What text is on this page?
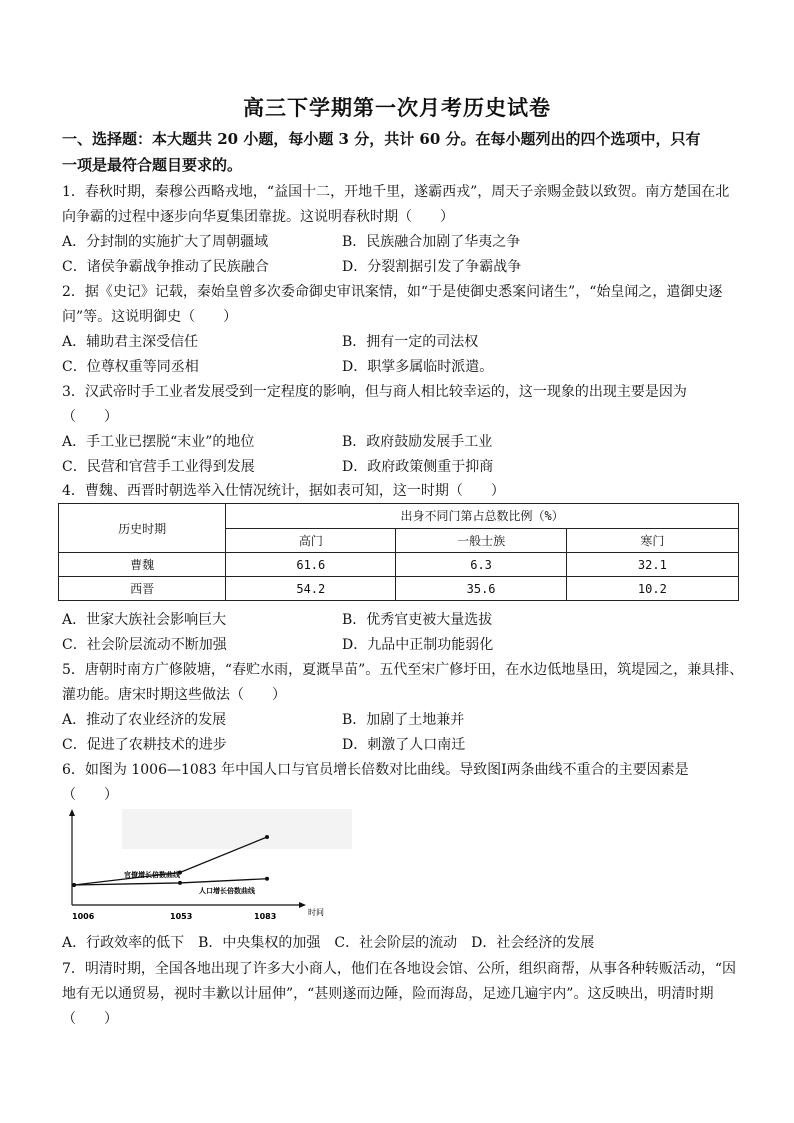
高三下学期第一次月考历史试卷
一、选择题：本大题共 20 小题，每小题 3 分，共计 60 分。在每小题列出的四个选项中，只有
一项是最符合题目要求的。
1．春秋时期，秦穆公西略戎地，“益国十二，开地千里，遂霸西戎”，周天子亲赐金鼓以致贺。南方楚国在北
向争霸的过程中逐步向华夏集团靠拢。这说明春秋时期（　　）
A．分封制的实施扩大了周朝疆域	B．民族融合加剧了华夷之争
C．诸侯争霸战争推动了民族融合	D．分裂割据引发了争霸战争
2．据《史记》记载，秦始皇曾多次委命御史审讯案情，如“于是使御史悉案问诸生”，“始皇闻之，遣御史逐
问”等。这说明御史（　　）
A．辅助君主深受信任	B．拥有一定的司法权
C．位尊权重等同丞相	D．职掌多属临时派遣。
3．汉武帝时手工业者发展受到一定程度的影响，但与商人相比较幸运的，这一现象的出现主要是因为
（　　）
A．手工业已摆脱“末业”的地位	B．政府鼓励发展手工业
C．民营和官营手工业得到发展	D．政府政策侧重于抑商
4．曹魏、西晋时朝选举入仕情况统计，据如表可知，这一时期（　　）
历史时期	出身不同门第占总数比例（%）		
	高门	一般士族	寒门
曹魏	61.6	6.3	32.1
西晋	54.2	35.6	10.2
A．世家大族社会影响巨大	B．优秀官吏被大量选拔
C．社会阶层流动不断加强	D．九品中正制功能弱化
5．唐朝时南方广修陂塘，“春贮水雨，夏溉旱苗”。五代至宋广修圩田，在水边低地垦田，筑堤园之，兼具排、
灌功能。唐宋时期这些做法（　　）
A．推动了农业经济的发展	B．加剧了土地兼并
C．促进了农耕技术的进步	D．刺激了人口南迁
6．如图为 1006—1083 年中国人口与官员增长倍数对比曲线。导致图Ⅰ两条曲线不重合的主要因素是
（　　）
官僚增长倍数曲线
人口增长倍数曲线
时间
1006	1053	1083
A．行政效率的低下　B．中央集权的加强　C．社会阶层的流动　D．社会经济的发展
7．明清时期，全国各地出现了许多大小商人，他们在各地设会馆、公所，组织商帮，从事各种转贩活动，“因
地有无以通贸易，视时丰歉以计屈伸”，“甚则遂而边陲，险而海岛，足迹几遍宇内”。这反映出，明清时期
（　　）
